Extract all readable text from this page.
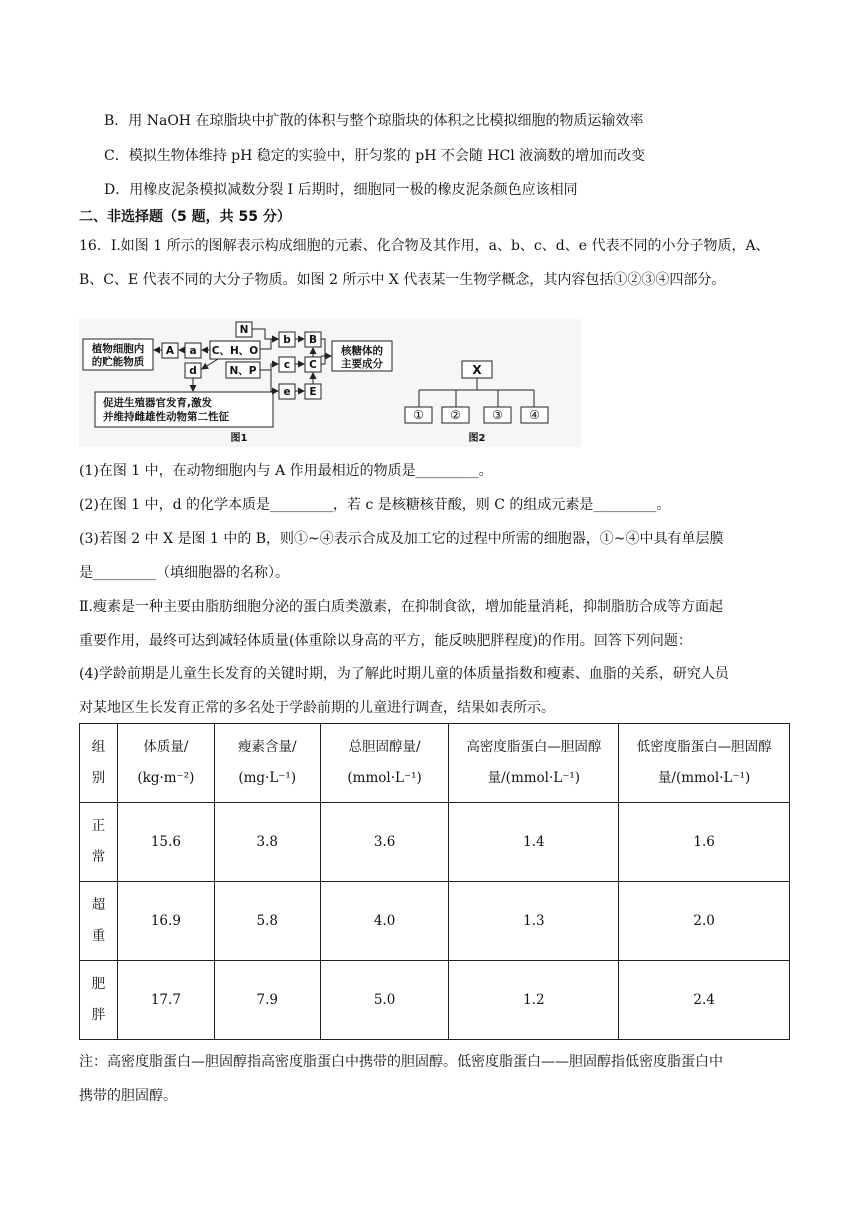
B．用 NaOH 在琼脂块中扩散的体积与整个琼脂块的体积之比模拟细胞的物质运输效率
C．模拟生物体维持 pH 稳定的实验中，肝匀浆的 pH 不会随 HCl 液滴数的增加而改变
D．用橡皮泥条模拟减数分裂 I 后期时，细胞同一极的橡皮泥条颜色应该相同
二、非选择题（5 题，共 55 分）
16．I.如图 1 所示的图解表示构成细胞的元素、化合物及其作用，a、b、c、d、e 代表不同的小分子物质，A、
B、C、E 代表不同的大分子物质。如图 2 所示中 X 代表某一生物学概念，其内容包括①②③④四部分。
植物细胞内
的贮能物质
A a C、H、O
N
N、P
d
b B
c C
e E
核糖体的
主要成分
促进生殖器官发育,激发
并维持雌雄性动物第二性征
图1
X
① ②	③ ④
图2
(1)在图 1 中，在动物细胞内与 A 作用最相近的物质是_________。
(2)在图 1 中，d 的化学本质是_________，若 c 是核糖核苷酸，则 C 的组成元素是_________。
(3)若图 2 中 X 是图 1 中的 B，则①~④表示合成及加工它的过程中所需的细胞器，①~④中具有单层膜
是_________（填细胞器的名称）。
Ⅱ.瘦素是一种主要由脂肪细胞分泌的蛋白质类激素，在抑制食欲，增加能量消耗，抑制脂肪合成等方面起
重要作用，最终可达到减轻体质量(体重除以身高的平方，能反映肥胖程度)的作用。回答下列问题：
(4)学龄前期是儿童生长发育的关键时期，为了解此时期儿童的体质量指数和瘦素、血脂的关系，研究人员
对某地区生长发育正常的多名处于学龄前期的儿童进行调查，结果如表所示。
组
别	体质量/
(kg·m⁻²)	瘦素含量/
(mg·L⁻¹)	总胆固醇量/
(mmol·L⁻¹)	高密度脂蛋白—胆固醇
量/(mmol·L⁻¹)	低密度脂蛋白—胆固醇
量/(mmol·L⁻¹)

正
常	15.6	3.8	3.6	1.4	1.6

超
重	16.9	5.8	4.0	1.3	2.0

肥
胖	17.7	7.9	5.0	1.2	2.4
注：高密度脂蛋白—胆固醇指高密度脂蛋白中携带的胆固醇。低密度脂蛋白——胆固醇指低密度脂蛋白中
携带的胆固醇。
